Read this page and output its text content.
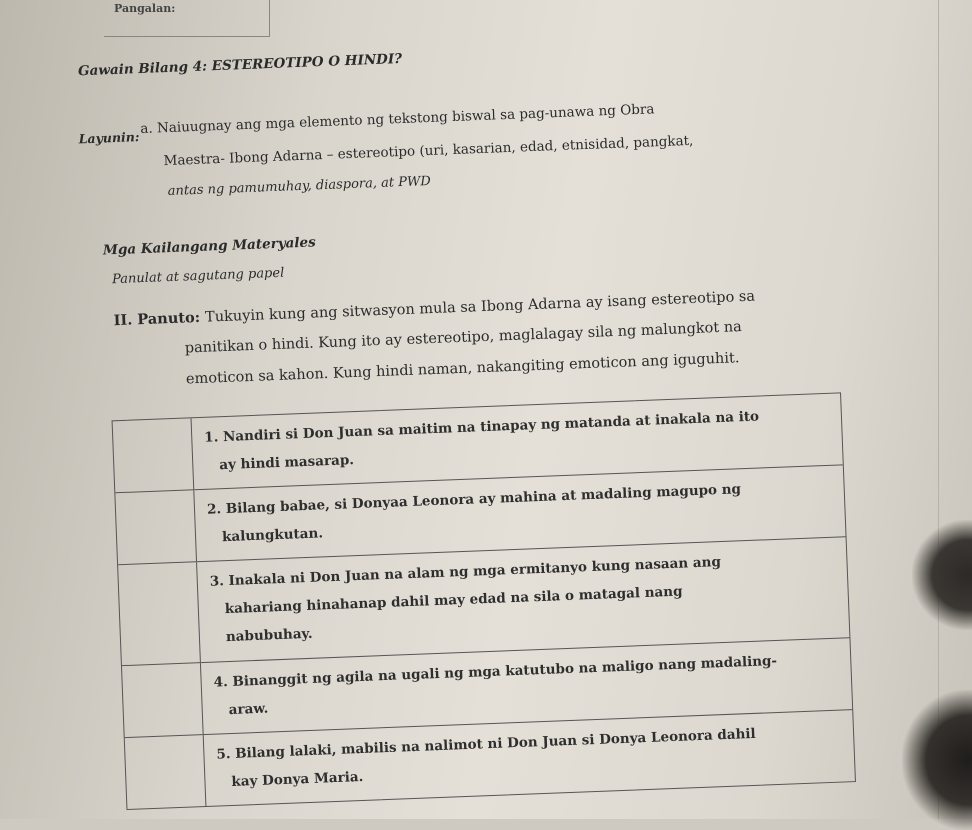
Pangalan:
Gawain Bilang 4: ESTEREOTIPO O HINDI?
Layunin:
a. Naiuugnay ang mga elemento ng tekstong biswal sa pag-unawa ng Obra
Maestra- Ibong Adarna – estereotipo (uri, kasarian, edad, etnisidad, pangkat,
antas ng pamumuhay, diaspora, at PWD
Mga Kailangang Materyales
Panulat at sagutang papel
II. Panuto: Tukuyin kung ang sitwasyon mula sa Ibong Adarna ay isang estereotipo sa
panitikan o hindi. Kung ito ay estereotipo, maglalagay sila ng malungkot na
emoticon sa kahon. Kung hindi naman, nakangiting emoticon ang iguguhit.
1. Nandiri si Don Juan sa maitim na tinapay ng matanda at inakala na ito
ay hindi masarap.
2. Bilang babae, si Donyaa Leonora ay mahina at madaling magupo ng
kalungkutan.
3. Inakala ni Don Juan na alam ng mga ermitanyo kung nasaan ang
kahariang hinahanap dahil may edad na sila o matagal nang
nabubuhay.
4. Binanggit ng agila na ugali ng mga katutubo na maligo nang madaling-
araw.
5. Bilang lalaki, mabilis na nalimot ni Don Juan si Donya Leonora dahil
kay Donya Maria.
